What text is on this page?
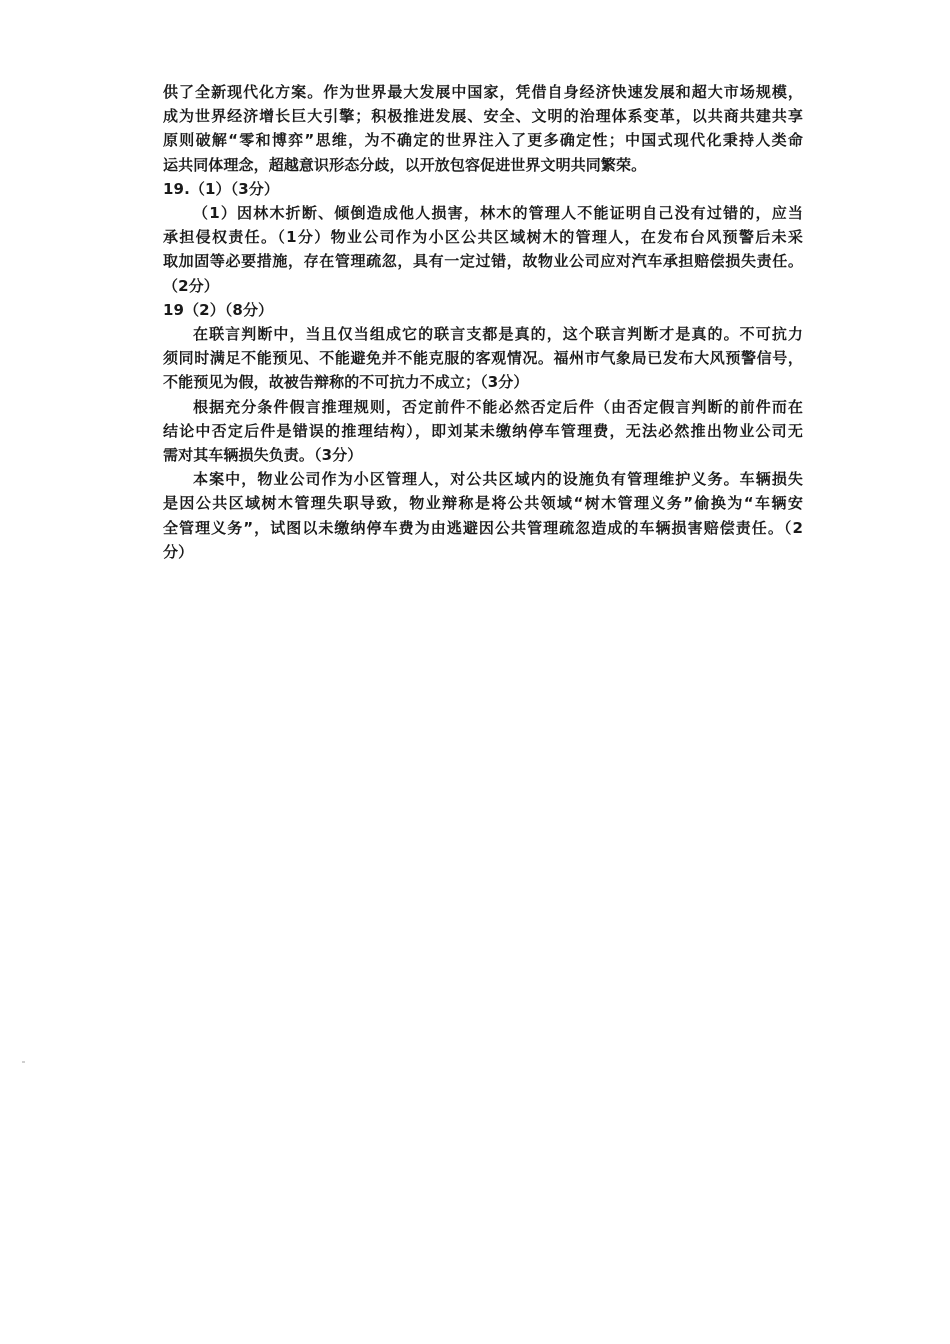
供了全新现代化方案。作为世界最大发展中国家，凭借自身经济快速发展和超大市场规模，
成为世界经济增长巨大引擎；积极推进发展、安全、文明的治理体系变革，以共商共建共享
原则破解“零和博弈”思维，为不确定的世界注入了更多确定性；中国式现代化秉持人类命
运共同体理念，超越意识形态分歧，以开放包容促进世界文明共同繁荣。

19.（1）（3分）

（1）因林木折断、倾倒造成他人损害，林木的管理人不能证明自己没有过错的，应当
承担侵权责任。（1分）物业公司作为小区公共区域树木的管理人，在发布台风预警后未采
取加固等必要措施，存在管理疏忽，具有一定过错，故物业公司应对汽车承担赔偿损失责任。
（2分）

19（2）（8分）

在联言判断中，当且仅当组成它的联言支都是真的，这个联言判断才是真的。不可抗力
须同时满足不能预见、不能避免并不能克服的客观情况。福州市气象局已发布大风预警信号，
不能预见为假，故被告辩称的不可抗力不成立；（3分）

根据充分条件假言推理规则，否定前件不能必然否定后件（由否定假言判断的前件而在
结论中否定后件是错误的推理结构），即刘某未缴纳停车管理费，无法必然推出物业公司无
需对其车辆损失负责。（3分）

本案中，物业公司作为小区管理人，对公共区域内的设施负有管理维护义务。车辆损失
是因公共区域树木管理失职导致，物业辩称是将公共领域“树木管理义务”偷换为“车辆安
全管理义务”，试图以未缴纳停车费为由逃避因公共管理疏忽造成的车辆损害赔偿责任。（2
分）
